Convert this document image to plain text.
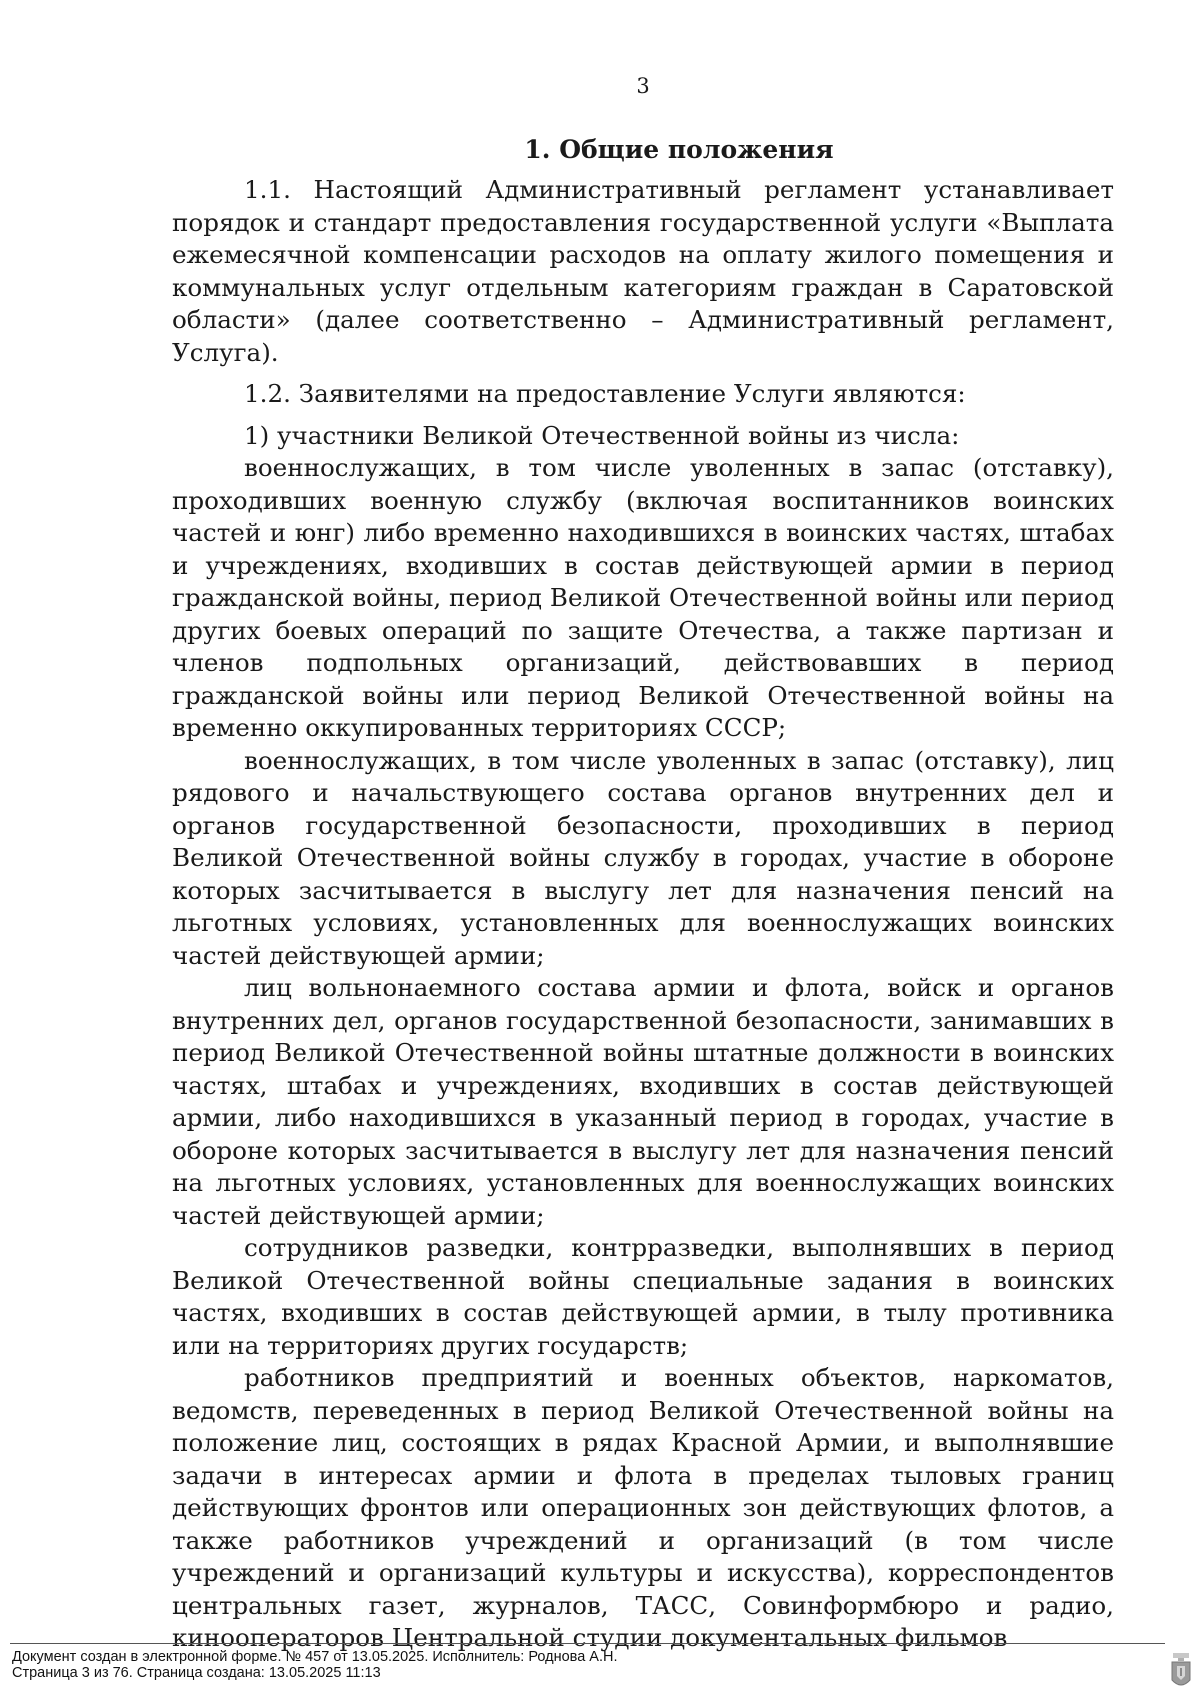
3
1. Общие положения

1.1. Настоящий Административный регламент устанавливает порядок и стандарт предоставления государственной услуги «Выплата ежемесячной компенсации расходов на оплату жилого помещения и коммунальных услуг отдельным категориям граждан в Саратовской области» (далее соответственно – Административный регламент, Услуга).

1.2. Заявителями на предоставление Услуги являются:

1) участники Великой Отечественной войны из числа:

военнослужащих, в том числе уволенных в запас (отставку), проходивших военную службу (включая воспитанников воинских частей и юнг) либо временно находившихся в воинских частях, штабах и учреждениях, входивших в состав действующей армии в период гражданской войны, период Великой Отечественной войны или период других боевых операций по защите Отечества, а также партизан и членов подпольных организаций, действовавших в период гражданской войны или период Великой Отечественной войны на временно оккупированных территориях СССР;

военнослужащих, в том числе уволенных в запас (отставку), лиц рядового и начальствующего состава органов внутренних дел и органов государственной безопасности, проходивших в период Великой Отечественной войны службу в городах, участие в обороне которых засчитывается в выслугу лет для назначения пенсий на льготных условиях, установленных для военнослужащих воинских частей действующей армии;

лиц вольнонаемного состава армии и флота, войск и органов внутренних дел, органов государственной безопасности, занимавших в период Великой Отечественной войны штатные должности в воинских частях, штабах и учреждениях, входивших в состав действующей армии, либо находившихся в указанный период в городах, участие в обороне которых засчитывается в выслугу лет для назначения пенсий на льготных условиях, установленных для военнослужащих воинских частей действующей армии;

сотрудников разведки, контрразведки, выполнявших в период Великой Отечественной войны специальные задания в воинских частях, входивших в состав действующей армии, в тылу противника или на территориях других государств;

работников предприятий и военных объектов, наркоматов, ведомств, переведенных в период Великой Отечественной войны на положение лиц, состоящих в рядах Красной Армии, и выполнявшие задачи в интересах армии и флота в пределах тыловых границ действующих фронтов или операционных зон действующих флотов, а также работников учреждений и организаций (в том числе учреждений и организаций культуры и искусства), корреспондентов центральных газет, журналов, ТАСС, Совинформбюро и радио, кинооператоров Центральной студии документальных фильмов

Документ создан в электронной форме. № 457 от 13.05.2025. Исполнитель: Роднова А.Н.
Страница 3 из 76. Страница создана: 13.05.2025 11:13
